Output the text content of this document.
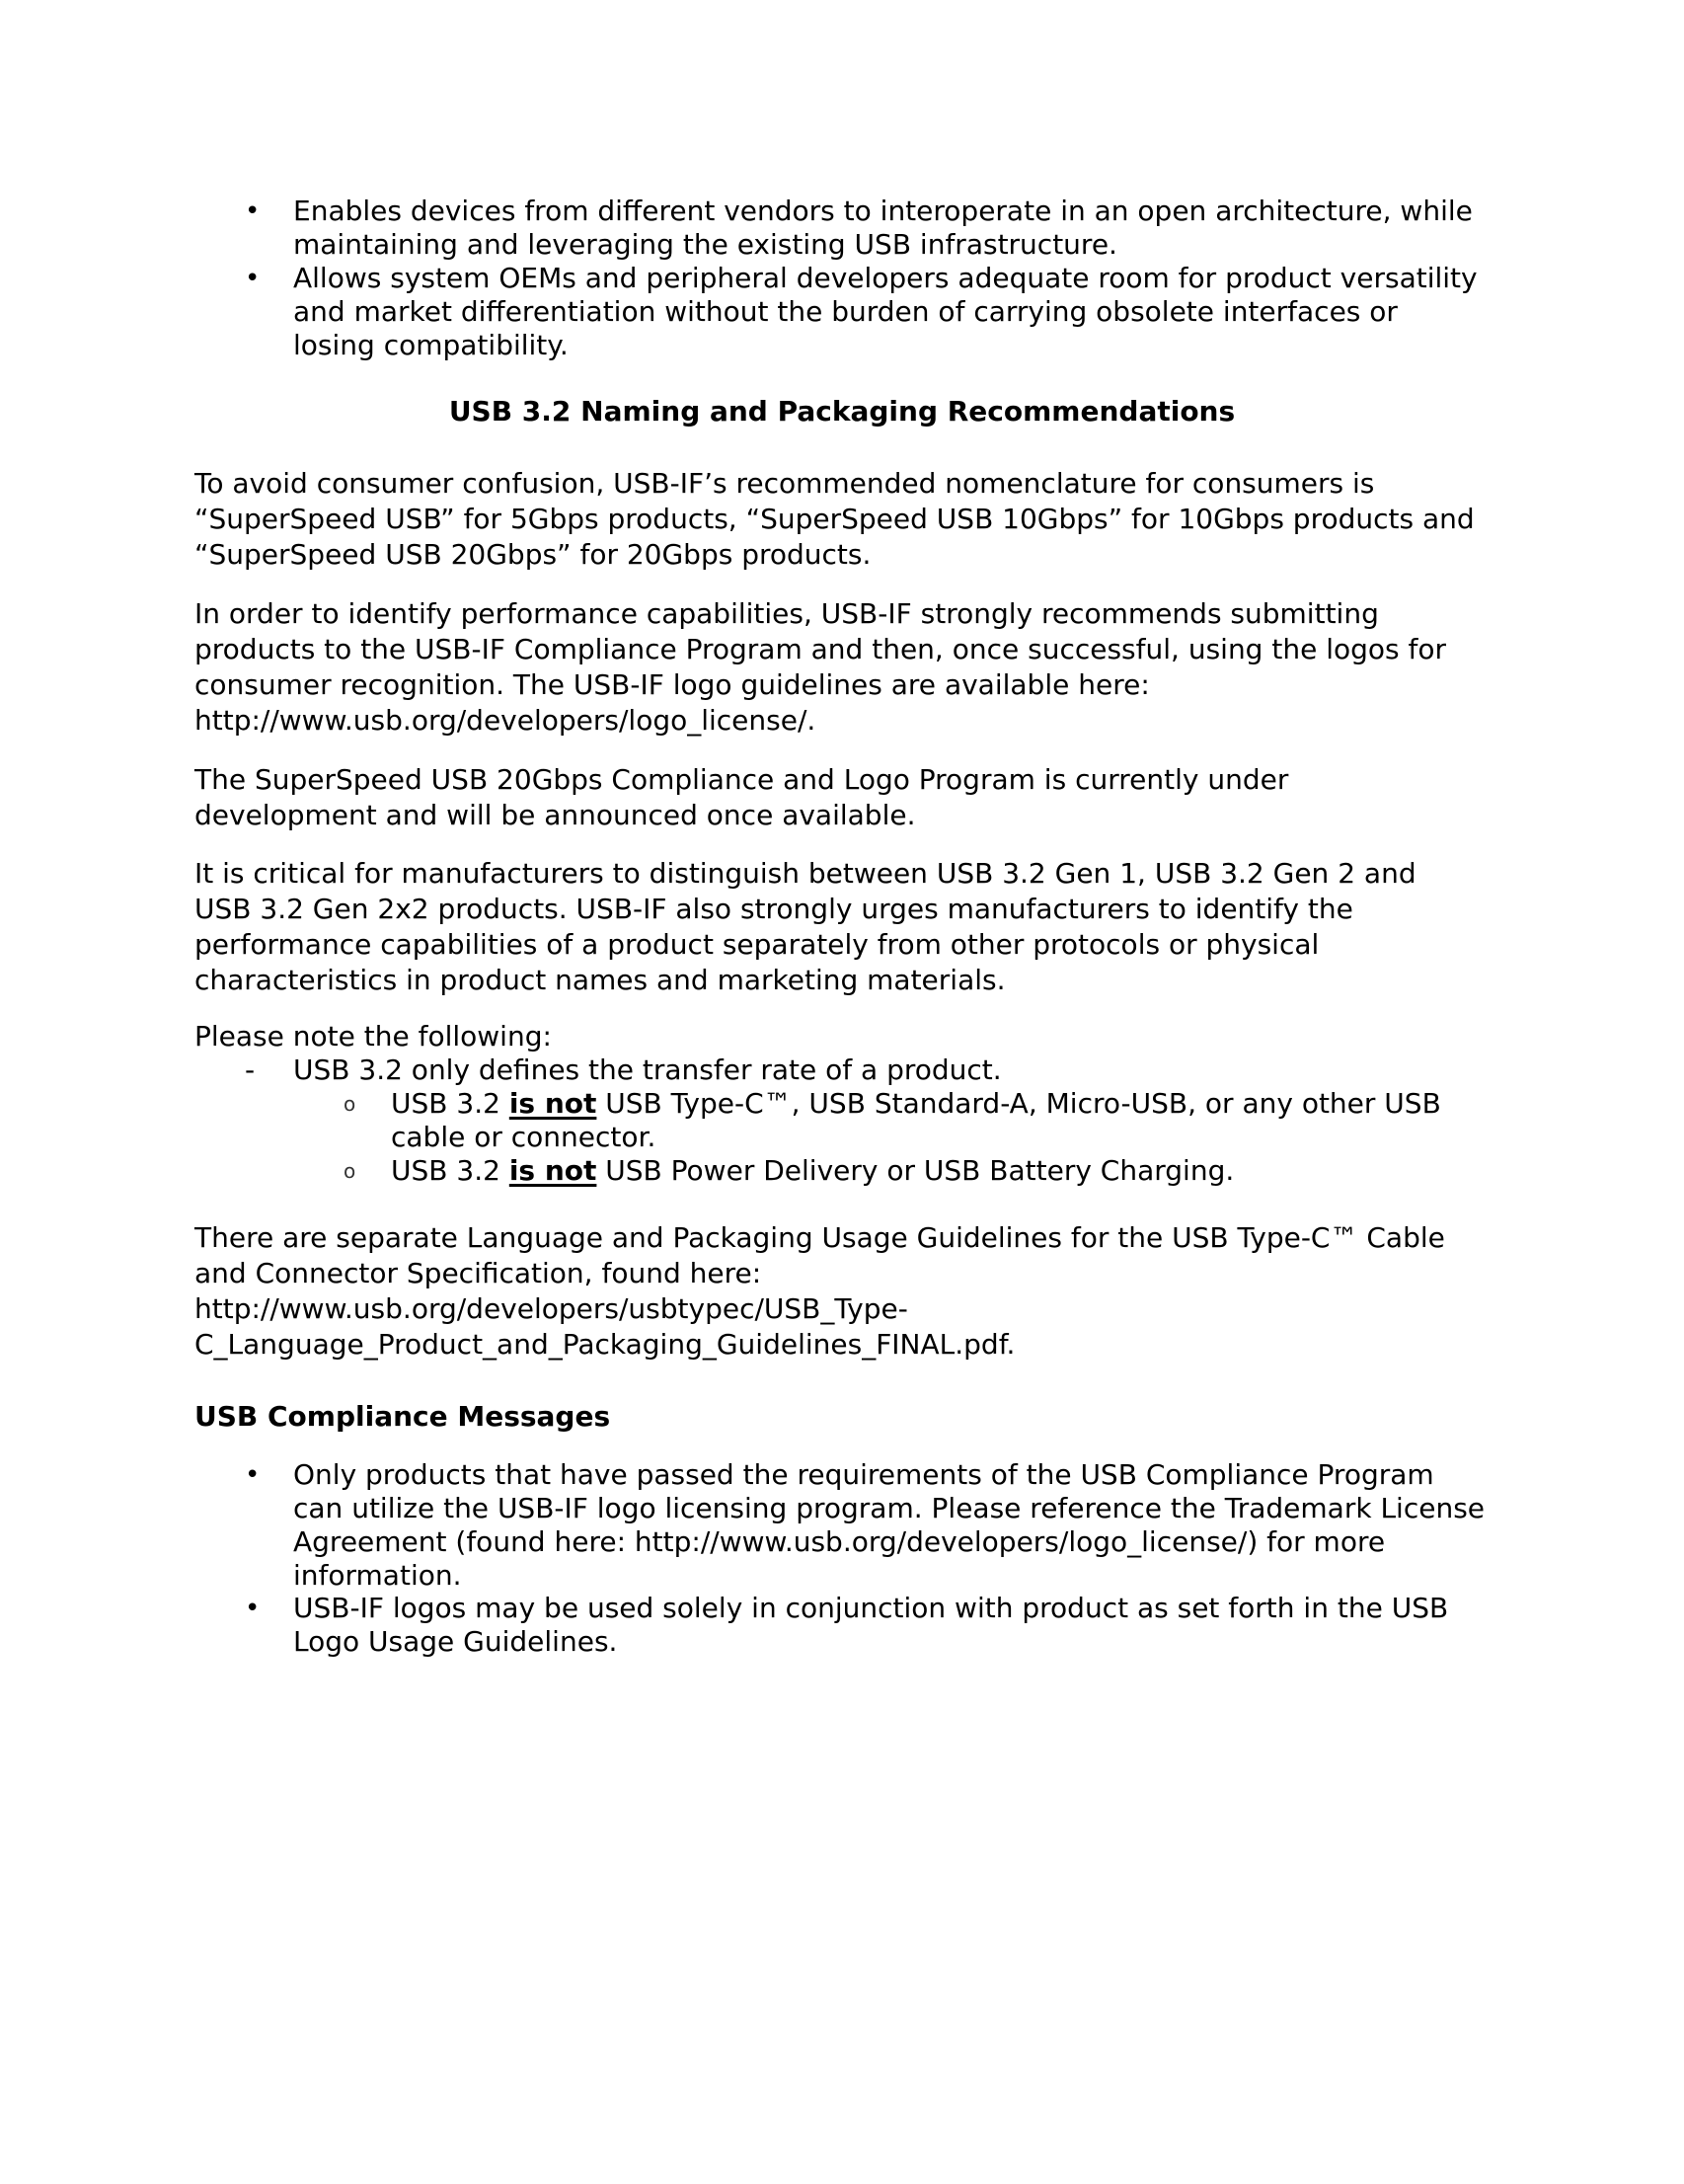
• Enables devices from different vendors to interoperate in an open architecture, while maintaining and leveraging the existing USB infrastructure.
• Allows system OEMs and peripheral developers adequate room for product versatility and market differentiation without the burden of carrying obsolete interfaces or losing compatibility.
USB 3.2 Naming and Packaging Recommendations
To avoid consumer confusion, USB-IF’s recommended nomenclature for consumers is “SuperSpeed USB” for 5Gbps products, “SuperSpeed USB 10Gbps” for 10Gbps products and “SuperSpeed USB 20Gbps” for 20Gbps products.
In order to identify performance capabilities, USB-IF strongly recommends submitting products to the USB-IF Compliance Program and then, once successful, using the logos for consumer recognition. The USB-IF logo guidelines are available here: http://www.usb.org/developers/logo_license/.
The SuperSpeed USB 20Gbps Compliance and Logo Program is currently under development and will be announced once available.
It is critical for manufacturers to distinguish between USB 3.2 Gen 1, USB 3.2 Gen 2 and USB 3.2 Gen 2x2 products. USB-IF also strongly urges manufacturers to identify the performance capabilities of a product separately from other protocols or physical characteristics in product names and marketing materials.
Please note the following:
- USB 3.2 only defines the transfer rate of a product.
o USB 3.2 is not USB Type-C™, USB Standard-A, Micro-USB, or any other USB cable or connector.
o USB 3.2 is not USB Power Delivery or USB Battery Charging.
There are separate Language and Packaging Usage Guidelines for the USB Type-C™ Cable and Connector Specification, found here:
http://www.usb.org/developers/usbtypec/USB_Type-
C_Language_Product_and_Packaging_Guidelines_FINAL.pdf.
USB Compliance Messages
• Only products that have passed the requirements of the USB Compliance Program can utilize the USB-IF logo licensing program. Please reference the Trademark License Agreement (found here: http://www.usb.org/developers/logo_license/) for more information.
• USB-IF logos may be used solely in conjunction with product as set forth in the USB Logo Usage Guidelines.
